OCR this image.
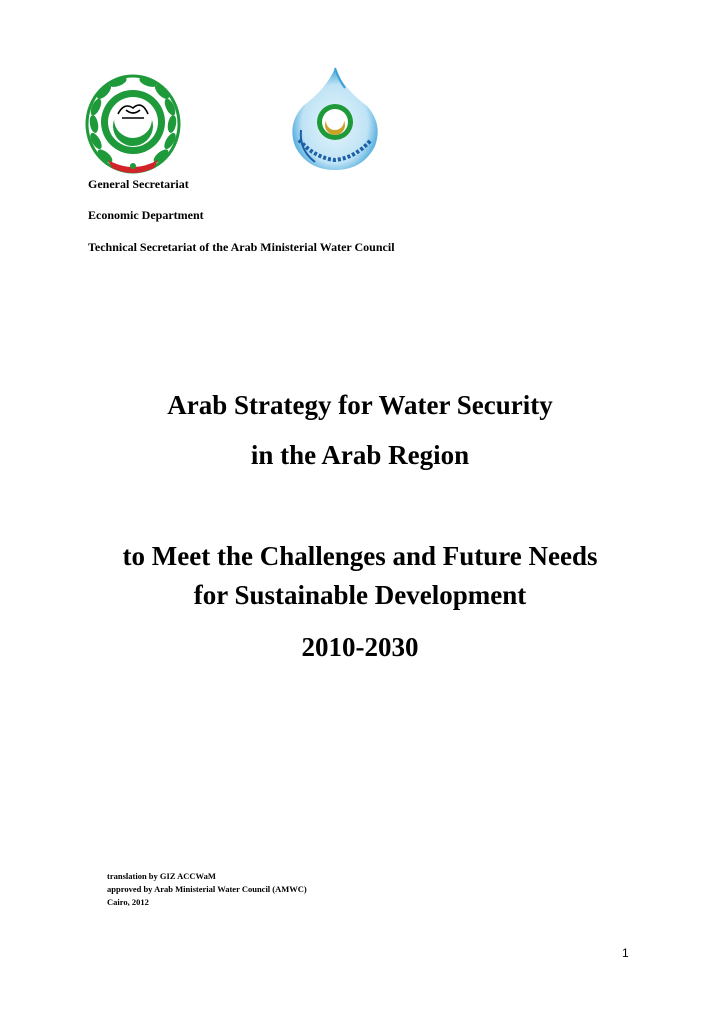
General Secretariat
Economic Department
Technical Secretariat of the Arab Ministerial Water Council
Arab Strategy for Water Security
in the Arab Region
to Meet the Challenges and Future Needs
for Sustainable Development
2010-2030
translation by GIZ ACCWaM
approved by Arab Ministerial Water Council (AMWC)
Cairo, 2012
1
